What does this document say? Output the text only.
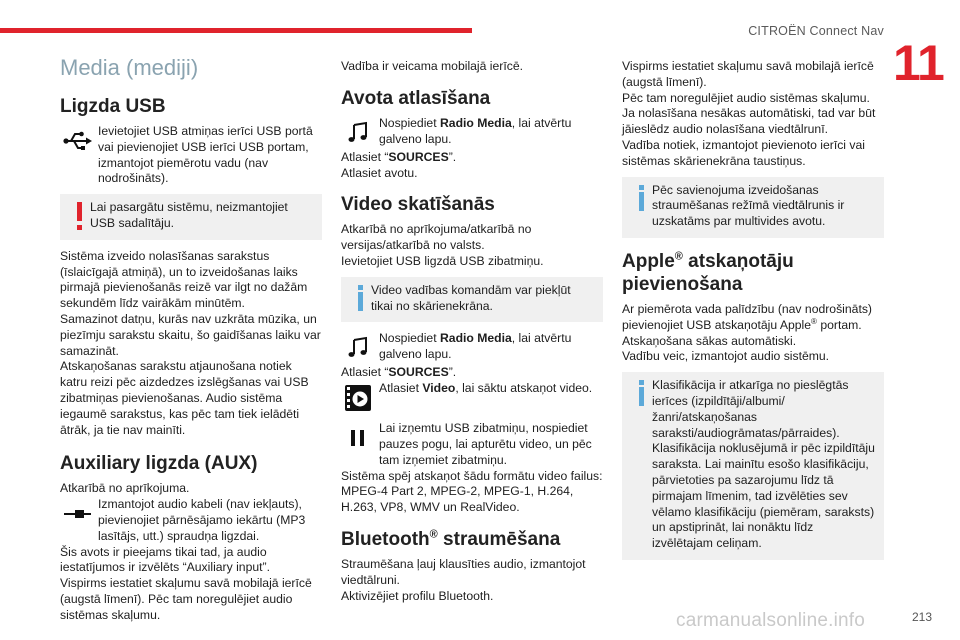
CITROËN Connect Nav
11
Media (mediji)
Ligzda USB
Ievietojiet USB atmiņas ierīci USB portā vai pievienojiet USB ierīci USB portam, izmantojot piemērotu vadu (nav nodrošināts).
Lai pasargātu sistēmu, neizmantojiet USB sadalītāju.

Sistēma izveido nolasīšanas sarakstus (īslaicīgajā atmiņā), un to izveidošanas laiks pirmajā pievienošanās reizē var ilgt no dažām sekundēm līdz vairākām minūtēm.

Samazinot datņu, kurās nav uzkrāta mūzika, un piezīmju sarakstu skaitu, šo gaidīšanas laiku var samazināt.

Atskaņošanas sarakstu atjaunošana notiek katru reizi pēc aizdedzes izslēgšanas vai USB zibatmiņas pievienošanas. Audio sistēma iegaumē sarakstus, kas pēc tam tiek ielādēti ātrāk, ja tie nav mainīti.

Auxiliary ligzda (AUX)

Atkarībā no aprīkojuma.

Izmantojot audio kabeli (nav iekļauts), pievienojiet pārnēsājamo iekārtu (MP3 lasītājs, utt.) spraudņa ligzdai.

Šis avots ir pieejams tikai tad, ja audio iestatījumos ir izvēlēts “Auxiliary input”.

Vispirms iestatiet skaļumu savā mobilajā ierīcē (augstā līmenī). Pēc tam noregulējiet audio sistēmas skaļumu.

Vadība ir veicama mobilajā ierīcē.

Avota atlasīšana
Nospiediet Radio Media, lai atvērtu galveno lapu.

Atlasiet “SOURCES”.

Atlasiet avotu.

Video skatīšanās

Atkarībā no aprīkojuma/atkarībā no versijas/atkarībā no valsts.

Ievietojiet USB ligzdā USB zibatmiņu.

Video vadības komandām var piekļūt tikai no skārienekrāna.
Nospiediet Radio Media, lai atvērtu galveno lapu.

Atlasiet “SOURCES”.

Atlasiet Video, lai sāktu atskaņot video.
Lai izņemtu USB zibatmiņu, nospiediet pauzes pogu, lai apturētu video, un pēc tam izņemiet zibatmiņu.

Sistēma spēj atskaņot šādu formātu video failus: MPEG-4 Part 2, MPEG-2, MPEG-1, H.264, H.263, VP8, WMV un RealVideo.

Bluetooth® straumēšana

Straumēšana ļauj klausīties audio, izmantojot viedtālruni.

Aktivizējiet profilu Bluetooth.

Vispirms iestatiet skaļumu savā mobilajā ierīcē (augstā līmenī).

Pēc tam noregulējiet audio sistēmas skaļumu.

Ja nolasīšana nesākas automātiski, tad var būt jāieslēdz audio nolasīšana viedtālrunī.

Vadība notiek, izmantojot pievienoto ierīci vai sistēmas skārienekrāna taustiņus.

Pēc savienojuma izveidošanas straumēšanas režīmā viedtālrunis ir uzskatāms par multivides avotu.
Apple® atskaņotāju pievienošana

Ar piemērota vada palīdzību (nav nodrošināts) pievienojiet USB atskaņotāju Apple® portam.

Atskaņošana sākas automātiski.

Vadību veic, izmantojot audio sistēmu.

Klasifikācija ir atkarīga no pieslēgtās ierīces (izpildītāji/albumi/žanri/atskaņošanas saraksti/audiogrāmatas/pārraides).

Klasifikācija noklusējumā ir pēc izpildītāju saraksta. Lai mainītu esošo klasifikāciju, pārvietoties pa sazarojumu līdz tā pirmajam līmenim, tad izvēlēties sev vēlamo klasifikāciju (piemēram, saraksts) un apstiprināt, lai nonāktu līdz izvēlētajam celiņam.

carmanualsonline.info	213
